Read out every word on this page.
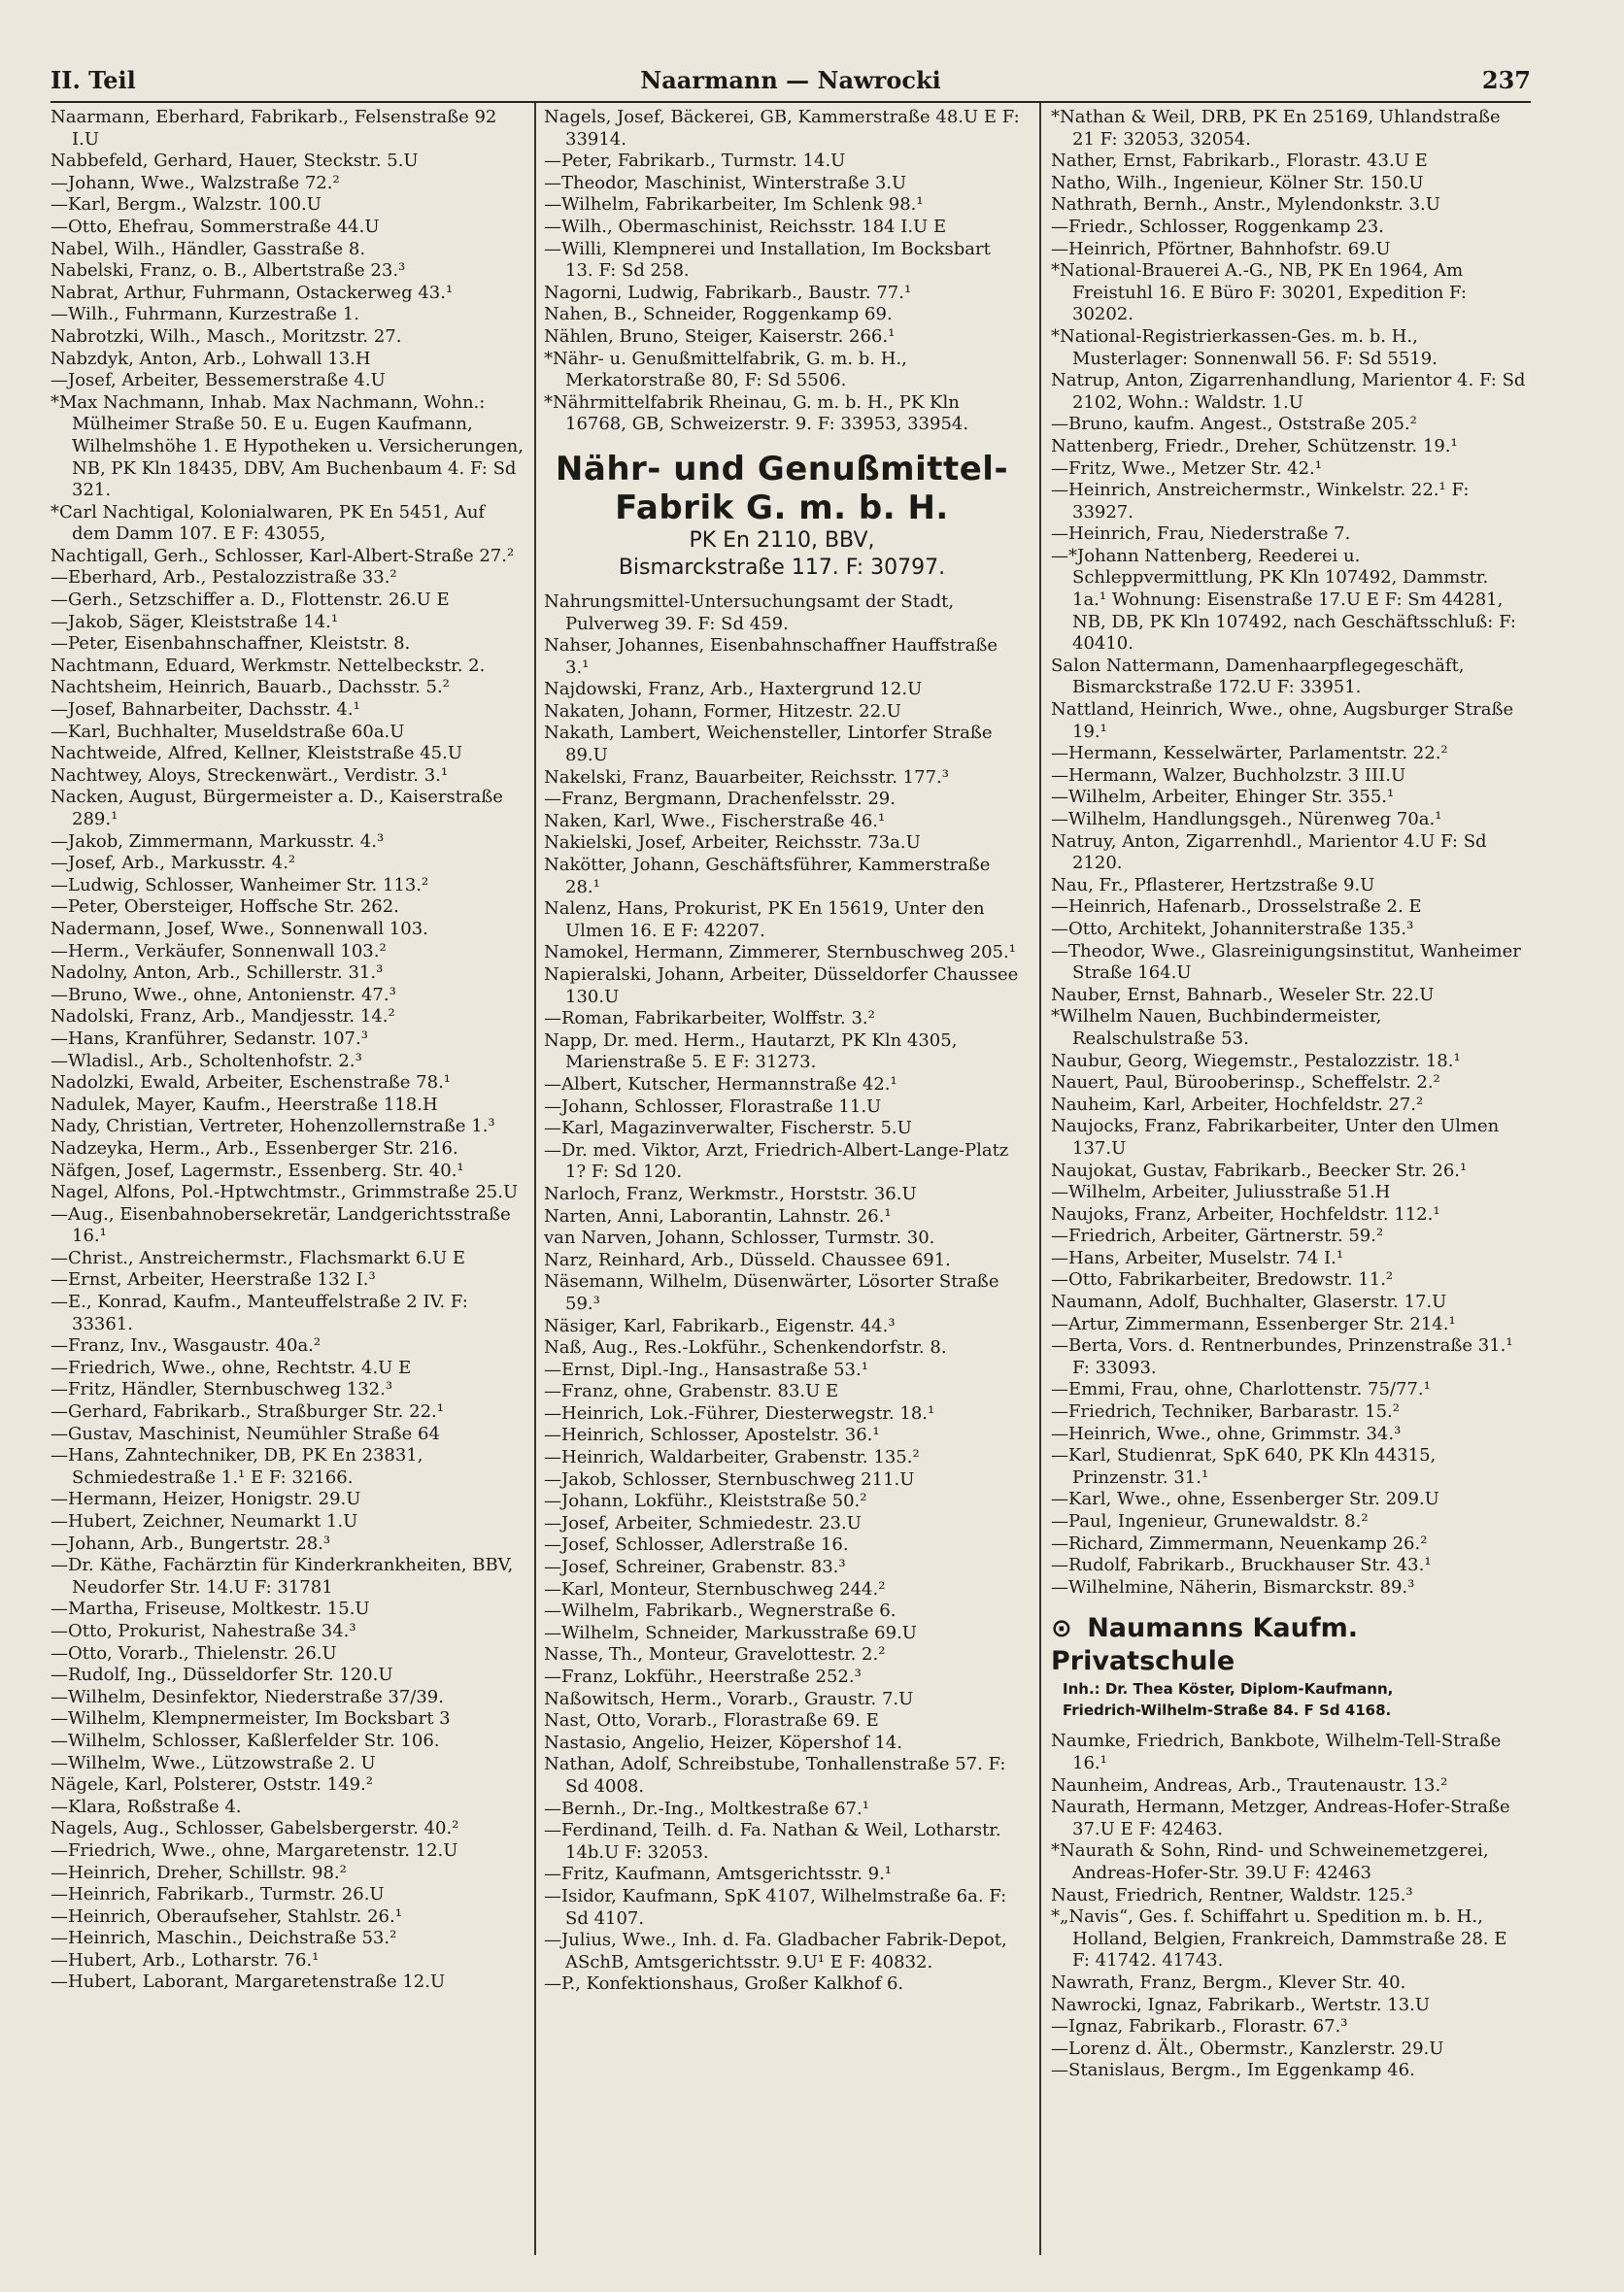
II. Teil	Naarmann — Nawrocki	237
Naarmann, Eberhard, Fabrikarb., Felsenstraße 92 I.U
Nabbefeld, Gerhard, Hauer, Steckstr. 5.U
—Johann, Wwe., Walzstraße 72.²
—Karl, Bergm., Walzstr. 100.U
—Otto, Ehefrau, Sommerstraße 44.U
Nabel, Wilh., Händler, Gasstraße 8.
Nabelski, Franz, o. B., Albertstraße 23.³
Nabrat, Arthur, Fuhrmann, Ostackerweg 43.¹
—Wilh., Fuhrmann, Kurzestraße 1.
Nabrotzki, Wilh., Masch., Moritzstr. 27.
Nabzdyk, Anton, Arb., Lohwall 13.H
—Josef, Arbeiter, Bessemerstraße 4.U
*Max Nachmann, Inhab. Max Nachmann, Wohn.: Mülheimer Straße 50. E u. Eugen Kaufmann, Wilhelmshöhe 1. E Hypotheken u. Versicherungen, NB, PK Kln 18435, DBV, Am Buchenbaum 4. F: Sd 321.
*Carl Nachtigal, Kolonialwaren, PK En 5451, Auf dem Damm 107. E F: 43055,
Nachtigall, Gerh., Schlosser, Karl-Albert-Straße 27.²
—Eberhard, Arb., Pestalozzistraße 33.²
—Gerh., Setzschiffer a. D., Flottenstr. 26.U E
—Jakob, Säger, Kleiststraße 14.¹
—Peter, Eisenbahnschaffner, Kleiststr. 8.
Nachtmann, Eduard, Werkmstr. Nettelbeckstr. 2.
Nachtsheim, Heinrich, Bauarb., Dachsstr. 5.²
—Josef, Bahnarbeiter, Dachsstr. 4.¹
—Karl, Buchhalter, Museldstraße 60a.U
Nachtweide, Alfred, Kellner, Kleiststraße 45.U
Nachtwey, Aloys, Streckenwärt., Verdistr. 3.¹
Nacken, August, Bürgermeister a. D., Kaiserstraße 289.¹
—Jakob, Zimmermann, Markusstr. 4.³
—Josef, Arb., Markusstr. 4.²
—Ludwig, Schlosser, Wanheimer Str. 113.²
—Peter, Obersteiger, Hoffsche Str. 262.
Nadermann, Josef, Wwe., Sonnenwall 103.
—Herm., Verkäufer, Sonnenwall 103.²
Nadolny, Anton, Arb., Schillerstr. 31.³
—Bruno, Wwe., ohne, Antonienstr. 47.³
Nadolski, Franz, Arb., Mandjesstr. 14.²
—Hans, Kranführer, Sedanstr. 107.³
—Wladisl., Arb., Scholtenhofstr. 2.³
Nadolzki, Ewald, Arbeiter, Eschenstraße 78.¹
Nadulek, Mayer, Kaufm., Heerstraße 118.H
Nady, Christian, Vertreter, Hohenzollernstraße 1.³
Nadzeyka, Herm., Arb., Essenberger Str. 216.
Näfgen, Josef, Lagermstr., Essenberg. Str. 40.¹
Nagel, Alfons, Pol.-Hptwchtmstr., Grimmstraße 25.U
—Aug., Eisenbahnobersekretär, Landgerichtsstraße 16.¹
—Christ., Anstreichermstr., Flachsmarkt 6.U E
—Ernst, Arbeiter, Heerstraße 132 I.³
—E., Konrad, Kaufm., Manteuffelstraße 2 IV. F: 33361.
—Franz, Inv., Wasgaustr. 40a.²
—Friedrich, Wwe., ohne, Rechtstr. 4.U E
—Fritz, Händler, Sternbuschweg 132.³
—Gerhard, Fabrikarb., Straßburger Str. 22.¹
—Gustav, Maschinist, Neumühler Straße 64
—Hans, Zahntechniker, DB, PK En 23831, Schmiedestraße 1.¹ E F: 32166.
—Hermann, Heizer, Honigstr. 29.U
—Hubert, Zeichner, Neumarkt 1.U
—Johann, Arb., Bungertstr. 28.³
—Dr. Käthe, Fachärztin für Kinderkrankheiten, BBV, Neudorfer Str. 14.U F: 31781
—Martha, Friseuse, Moltkestr. 15.U
—Otto, Prokurist, Nahestraße 34.³
—Otto, Vorarb., Thielenstr. 26.U
—Rudolf, Ing., Düsseldorfer Str. 120.U
—Wilhelm, Desinfektor, Niederstraße 37/39.
—Wilhelm, Klempnermeister, Im Bocksbart 3
—Wilhelm, Schlosser, Kaßlerfelder Str. 106.
—Wilhelm, Wwe., Lützowstraße 2. U
Nägele, Karl, Polsterer, Oststr. 149.²
—Klara, Roßstraße 4.
Nagels, Aug., Schlosser, Gabelsbergerstr. 40.²
—Friedrich, Wwe., ohne, Margaretenstr. 12.U
—Heinrich, Dreher, Schillstr. 98.²
—Heinrich, Fabrikarb., Turmstr. 26.U
—Heinrich, Oberaufseher, Stahlstr. 26.¹
—Heinrich, Maschin., Deichstraße 53.²
—Hubert, Arb., Lotharstr. 76.¹
—Hubert, Laborant, Margaretenstraße 12.U
Nagels, Josef, Bäckerei, GB, Kammerstraße 48.U E F: 33914.
—Peter, Fabrikarb., Turmstr. 14.U
—Theodor, Maschinist, Winterstraße 3.U
—Wilhelm, Fabrikarbeiter, Im Schlenk 98.¹
—Wilh., Obermaschinist, Reichsstr. 184 I.U E
—Willi, Klempnerei und Installation, Im Bocksbart 13. F: Sd 258.
Nagorni, Ludwig, Fabrikarb., Baustr. 77.¹
Nahen, B., Schneider, Roggenkamp 69.
Nählen, Bruno, Steiger, Kaiserstr. 266.¹
*Nähr- u. Genußmittelfabrik, G. m. b. H., Merkatorstraße 80, F: Sd 5506.
*Nährmittelfabrik Rheinau, G. m. b. H., PK Kln 16768, GB, Schweizerstr. 9. F: 33953, 33954.
Nähr- und Genußmittel-
Fabrik G. m. b. H.
PK En 2110, BBV,
Bismarckstraße 117. F: 30797.
Nahrungsmittel-Untersuchungsamt der Stadt, Pulverweg 39. F: Sd 459.
Nahser, Johannes, Eisenbahnschaffner Hauffstraße 3.¹
Najdowski, Franz, Arb., Haxtergrund 12.U
Nakaten, Johann, Former, Hitzestr. 22.U
Nakath, Lambert, Weichensteller, Lintorfer Straße 89.U
Nakelski, Franz, Bauarbeiter, Reichsstr. 177.³
—Franz, Bergmann, Drachenfelsstr. 29.
Naken, Karl, Wwe., Fischerstraße 46.¹
Nakielski, Josef, Arbeiter, Reichsstr. 73a.U
Nakötter, Johann, Geschäftsführer, Kammerstraße 28.¹
Nalenz, Hans, Prokurist, PK En 15619, Unter den Ulmen 16. E F: 42207.
Namokel, Hermann, Zimmerer, Sternbuschweg 205.¹
Napieralski, Johann, Arbeiter, Düsseldorfer Chaussee 130.U
—Roman, Fabrikarbeiter, Wolffstr. 3.²
Napp, Dr. med. Herm., Hautarzt, PK Kln 4305, Marienstraße 5. E F: 31273.
—Albert, Kutscher, Hermannstraße 42.¹
—Johann, Schlosser, Florastraße 11.U
—Karl, Magazinverwalter, Fischerstr. 5.U
—Dr. med. Viktor, Arzt, Friedrich-Albert-Lange-Platz 1? F: Sd 120.
Narloch, Franz, Werkmstr., Horststr. 36.U
Narten, Anni, Laborantin, Lahnstr. 26.¹
van Narven, Johann, Schlosser, Turmstr. 30.
Narz, Reinhard, Arb., Düsseld. Chaussee 691.
Näsemann, Wilhelm, Düsenwärter, Lösorter Straße 59.³
Näsiger, Karl, Fabrikarb., Eigenstr. 44.³
Naß, Aug., Res.-Lokführ., Schenkendorfstr. 8.
—Ernst, Dipl.-Ing., Hansastraße 53.¹
—Franz, ohne, Grabenstr. 83.U E
—Heinrich, Lok.-Führer, Diesterwegstr. 18.¹
—Heinrich, Schlosser, Apostelstr. 36.¹
—Heinrich, Waldarbeiter, Grabenstr. 135.²
—Jakob, Schlosser, Sternbuschweg 211.U
—Johann, Lokführ., Kleiststraße 50.²
—Josef, Arbeiter, Schmiedestr. 23.U
—Josef, Schlosser, Adlerstraße 16.
—Josef, Schreiner, Grabenstr. 83.³
—Karl, Monteur, Sternbuschweg 244.²
—Wilhelm, Fabrikarb., Wegnerstraße 6.
—Wilhelm, Schneider, Markusstraße 69.U
Nasse, Th., Monteur, Gravelottestr. 2.²
—Franz, Lokführ., Heerstraße 252.³
Naßowitsch, Herm., Vorarb., Graustr. 7.U
Nast, Otto, Vorarb., Florastraße 69. E
Nastasio, Angelio, Heizer, Köpershof 14.
Nathan, Adolf, Schreibstube, Tonhallenstraße 57. F: Sd 4008.
—Bernh., Dr.-Ing., Moltkestraße 67.¹
—Ferdinand, Teilh. d. Fa. Nathan & Weil, Lotharstr. 14b.U F: 32053.
—Fritz, Kaufmann, Amtsgerichtsstr. 9.¹
—Isidor, Kaufmann, SpK 4107, Wilhelmstraße 6a. F: Sd 4107.
—Julius, Wwe., Inh. d. Fa. Gladbacher Fabrik-Depot, ASchB, Amtsgerichtsstr. 9.U¹ E F: 40832.
—P., Konfektionshaus, Großer Kalkhof 6.
*Nathan & Weil, DRB, PK En 25169, Uhlandstraße 21 F: 32053, 32054.
Nather, Ernst, Fabrikarb., Florastr. 43.U E
Natho, Wilh., Ingenieur, Kölner Str. 150.U
Nathrath, Bernh., Anstr., Mylendonkstr. 3.U
—Friedr., Schlosser, Roggenkamp 23.
—Heinrich, Pförtner, Bahnhofstr. 69.U
*National-Brauerei A.-G., NB, PK En 1964, Am Freistuhl 16. E Büro F: 30201, Expedition F: 30202.
*National-Registrierkassen-Ges. m. b. H., Musterlager: Sonnenwall 56. F: Sd 5519.
Natrup, Anton, Zigarrenhandlung, Marientor 4. F: Sd 2102, Wohn.: Waldstr. 1.U
—Bruno, kaufm. Angest., Oststraße 205.²
Nattenberg, Friedr., Dreher, Schützenstr. 19.¹
—Fritz, Wwe., Metzer Str. 42.¹
—Heinrich, Anstreichermstr., Winkelstr. 22.¹ F: 33927.
—Heinrich, Frau, Niederstraße 7.
—*Johann Nattenberg, Reederei u. Schleppvermittlung, PK Kln 107492, Dammstr. 1a.¹ Wohnung: Eisenstraße 17.U E F: Sm 44281, NB, DB, PK Kln 107492, nach Geschäftsschluß: F: 40410.
Salon Nattermann, Damenhaarpflegegeschäft, Bismarckstraße 172.U F: 33951.
Nattland, Heinrich, Wwe., ohne, Augsburger Straße 19.¹
—Hermann, Kesselwärter, Parlamentstr. 22.²
—Hermann, Walzer, Buchholzstr. 3 III.U
—Wilhelm, Arbeiter, Ehinger Str. 355.¹
—Wilhelm, Handlungsgeh., Nürenweg 70a.¹
Natruy, Anton, Zigarrenhdl., Marientor 4.U F: Sd 2120.
Nau, Fr., Pflasterer, Hertzstraße 9.U
—Heinrich, Hafenarb., Drosselstraße 2. E
—Otto, Architekt, Johanniterstraße 135.³
—Theodor, Wwe., Glasreinigungsinstitut, Wanheimer Straße 164.U
Nauber, Ernst, Bahnarb., Weseler Str. 22.U
*Wilhelm Nauen, Buchbindermeister, Realschulstraße 53.
Naubur, Georg, Wiegemstr., Pestalozzistr. 18.¹
Nauert, Paul, Bürooberinsp., Scheffelstr. 2.²
Nauheim, Karl, Arbeiter, Hochfeldstr. 27.²
Naujocks, Franz, Fabrikarbeiter, Unter den Ulmen 137.U
Naujokat, Gustav, Fabrikarb., Beecker Str. 26.¹
—Wilhelm, Arbeiter, Juliusstraße 51.H
Naujoks, Franz, Arbeiter, Hochfeldstr. 112.¹
—Friedrich, Arbeiter, Gärtnerstr. 59.²
—Hans, Arbeiter, Muselstr. 74 I.¹
—Otto, Fabrikarbeiter, Bredowstr. 11.²
Naumann, Adolf, Buchhalter, Glaserstr. 17.U
—Artur, Zimmermann, Essenberger Str. 214.¹
—Berta, Vors. d. Rentnerbundes, Prinzenstraße 31.¹ F: 33093.
—Emmi, Frau, ohne, Charlottenstr. 75/77.¹
—Friedrich, Techniker, Barbarastr. 15.²
—Heinrich, Wwe., ohne, Grimmstr. 34.³
—Karl, Studienrat, SpK 640, PK Kln 44315, Prinzenstr. 31.¹
—Karl, Wwe., ohne, Essenberger Str. 209.U
—Paul, Ingenieur, Grunewaldstr. 8.²
—Richard, Zimmermann, Neuenkamp 26.²
—Rudolf, Fabrikarb., Bruckhauser Str. 43.¹
—Wilhelmine, Näherin, Bismarckstr. 89.³
⊙ Naumanns Kaufm. Privatschule
Inh.: Dr. Thea Köster, Diplom-Kaufmann,
Friedrich-Wilhelm-Straße 84. F Sd 4168.
Naumke, Friedrich, Bankbote, Wilhelm-Tell-Straße 16.¹
Naunheim, Andreas, Arb., Trautenaustr. 13.²
Naurath, Hermann, Metzger, Andreas-Hofer-Straße 37.U E F: 42463.
*Naurath & Sohn, Rind- und Schweinemetzgerei, Andreas-Hofer-Str. 39.U F: 42463
Naust, Friedrich, Rentner, Waldstr. 125.³
*„Navis“, Ges. f. Schiffahrt u. Spedition m. b. H., Holland, Belgien, Frankreich, Dammstraße 28. E F: 41742. 41743.
Nawrath, Franz, Bergm., Klever Str. 40.
Nawrocki, Ignaz, Fabrikarb., Wertstr. 13.U
—Ignaz, Fabrikarb., Florastr. 67.³
—Lorenz d. Ält., Obermstr., Kanzlerstr. 29.U
—Stanislaus, Bergm., Im Eggenkamp 46.
